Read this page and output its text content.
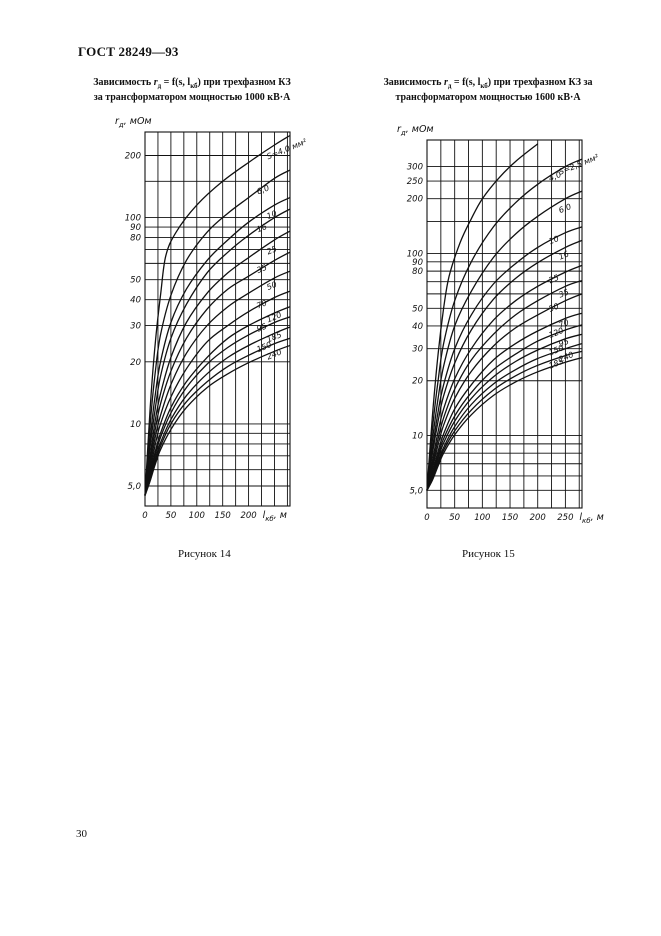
ГОСТ 28249—93
Зависимость $r_д = f(s$, $l_{кб}$) при трехфазном КЗ
за трансформатором мощностью 1000 кВ·А
Зависимость $r_д = f(s$, $l_{кб}$) при трехфазном КЗ за
трансформатором мощностью 1600 кВ·А
5,0
10
20
30
40
50
80
90
100
200
0 50 100 150 200
$r_д$, мОм
$l_{кб}$, м
S=4,0 мм²
6,0
10
16
25
35
50
70
120
95
185
150
240
5,0
10
20
30
40
50
80
90
100
200
250
300
0 50 100 150 200 250
$r_д$, мОм
$l_{кб}$, м
S=2,5 мм²
4,0
6,0
10
16
25
35
50
70
120
95
150
240
185
Рисунок 14	Рисунок 15
30
